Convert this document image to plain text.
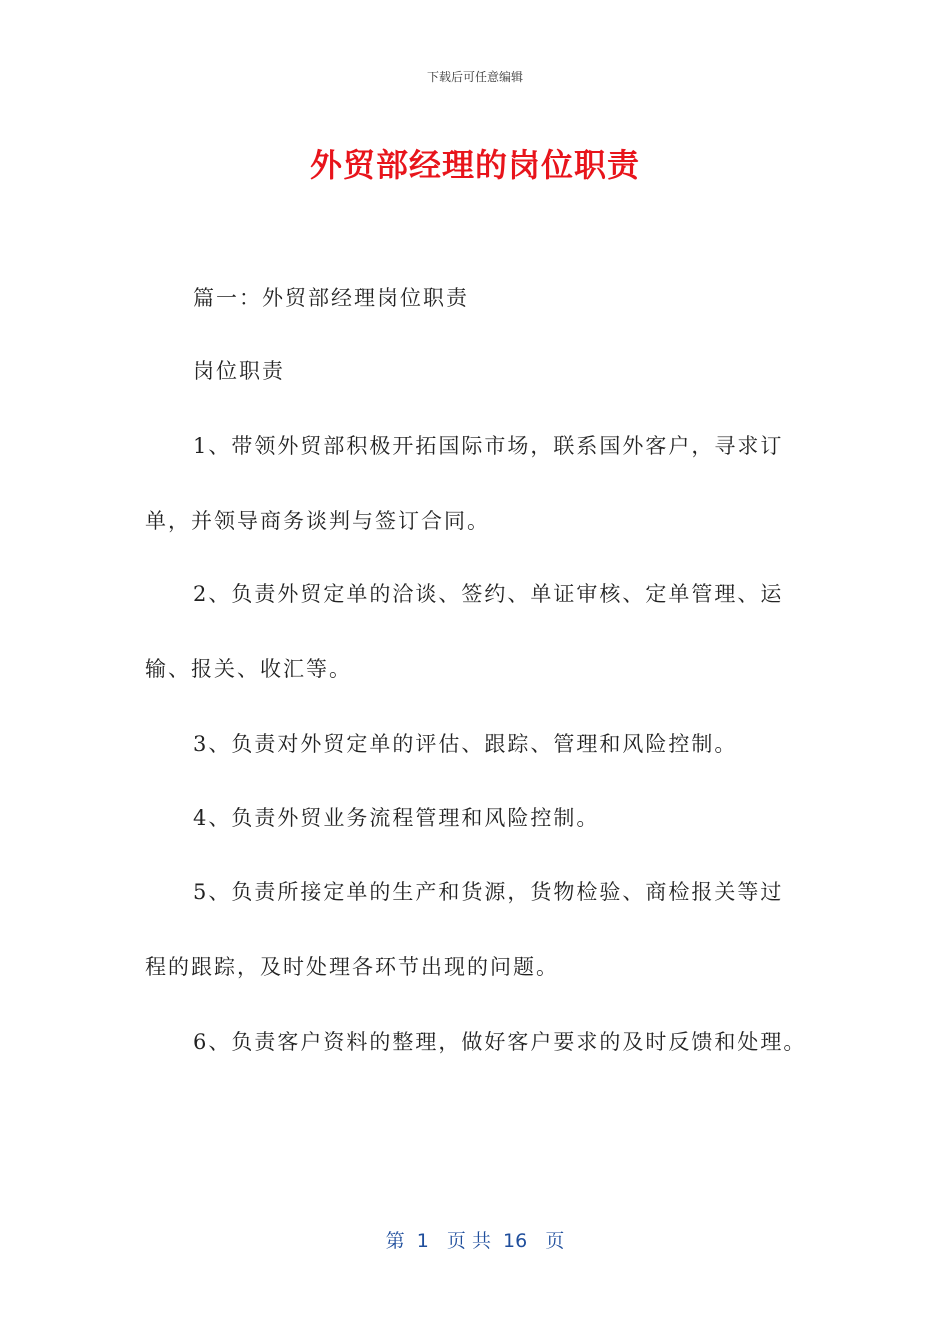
下载后可任意编辑
外贸部经理的岗位职责
篇一：外贸部经理岗位职责
岗位职责
1、带领外贸部积极开拓国际市场，联系国外客户，寻求订
单，并领导商务谈判与签订合同。
2、负责外贸定单的洽谈、签约、单证审核、定单管理、运
输、报关、收汇等。
3、负责对外贸定单的评估、跟踪、管理和风险控制。
4、负责外贸业务流程管理和风险控制。
5、负责所接定单的生产和货源，货物检验、商检报关等过
程的跟踪，及时处理各环节出现的问题。
6、负责客户资料的整理，做好客户要求的及时反馈和处理。
第  1   页 共  16   页
